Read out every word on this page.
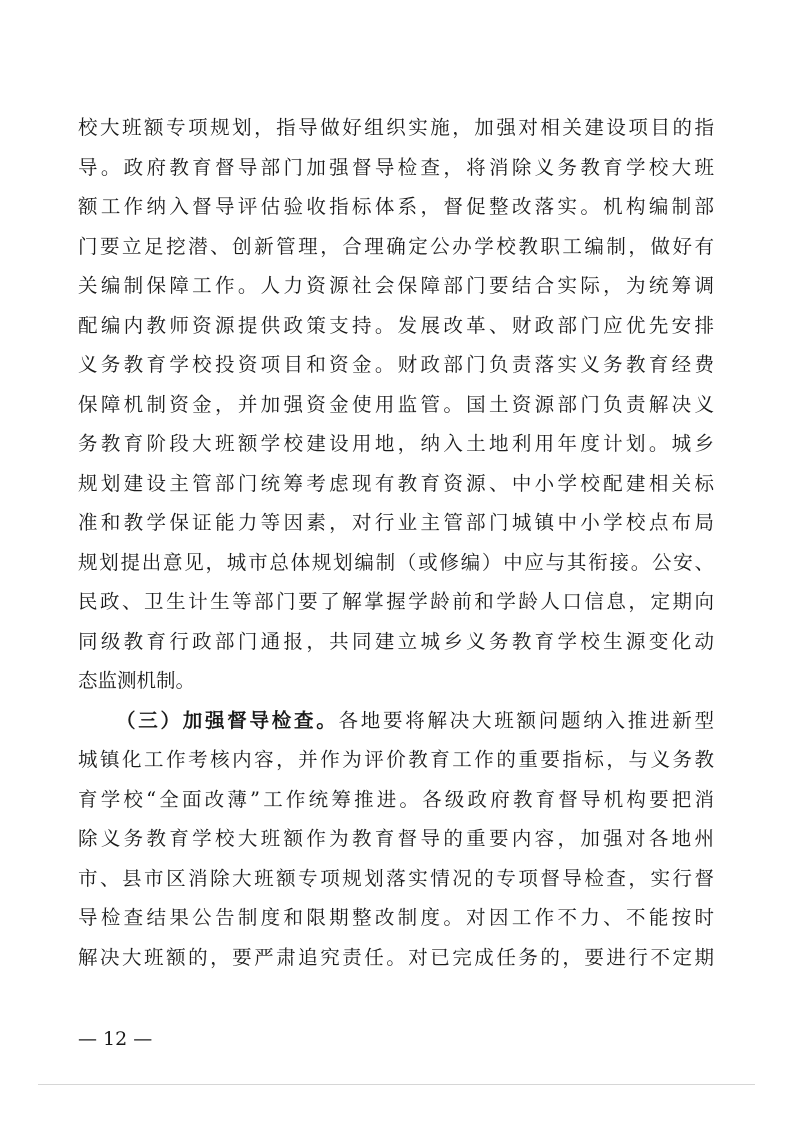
校大班额专项规划，指导做好组织实施，加强对相关建设项目的指
导。政府教育督导部门加强督导检查，将消除义务教育学校大班
额工作纳入督导评估验收指标体系，督促整改落实。机构编制部
门要立足挖潜、创新管理，合理确定公办学校教职工编制，做好有
关编制保障工作。人力资源社会保障部门要结合实际，为统筹调
配编内教师资源提供政策支持。发展改革、财政部门应优先安排
义务教育学校投资项目和资金。财政部门负责落实义务教育经费
保障机制资金，并加强资金使用监管。国土资源部门负责解决义
务教育阶段大班额学校建设用地，纳入土地利用年度计划。城乡
规划建设主管部门统筹考虑现有教育资源、中小学校配建相关标
准和教学保证能力等因素，对行业主管部门城镇中小学校点布局
规划提出意见，城市总体规划编制（或修编）中应与其衔接。公安、
民政、卫生计生等部门要了解掌握学龄前和学龄人口信息，定期向
同级教育行政部门通报，共同建立城乡义务教育学校生源变化动
态监测机制。
（三）加强督导检查。各地要将解决大班额问题纳入推进新型
城镇化工作考核内容，并作为评价教育工作的重要指标，与义务教
育学校“全面改薄”工作统筹推进。各级政府教育督导机构要把消
除义务教育学校大班额作为教育督导的重要内容，加强对各地州
市、县市区消除大班额专项规划落实情况的专项督导检查，实行督
导检查结果公告制度和限期整改制度。对因工作不力、不能按时
解决大班额的，要严肃追究责任。对已完成任务的，要进行不定期
— 12 —
